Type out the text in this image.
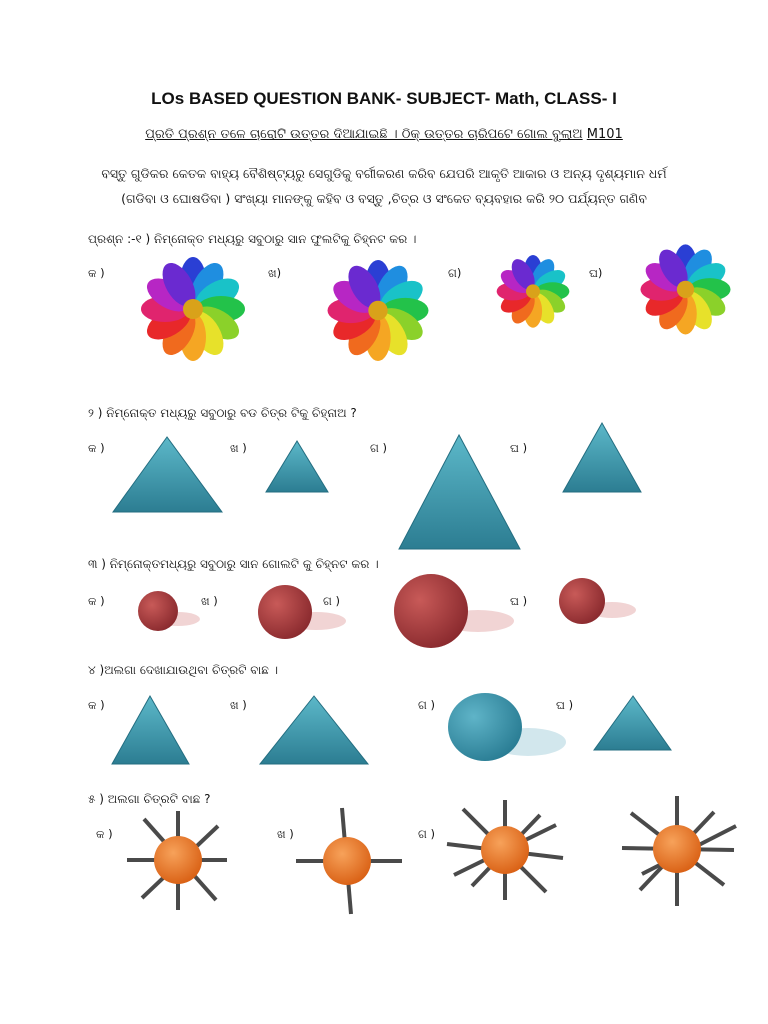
LOs BASED QUESTION BANK- SUBJECT- Math, CLASS- I
ପ୍ରତି ପ୍ରଶ୍ନ ତଳେ ଚାରୋଟି ଉତ୍ତର ଦିଆଯାଇଛି । ଠିକ୍ ଉତ୍ତର ଚାରିପଟେ ଗୋଲ ବୁଲାଅ M101
ବସ୍ତୁ ଗୁଡିକର କେତକ ବାହ୍ୟ ବୈଶିଷ୍ଟ୍ୟରୁ ସେଗୁଡିକୁ ବର୍ଗୀକରଣ କରିବ ଯେପରି ଆକୃତି ଆକାର ଓ ଅନ୍ୟ ଦୃଶ୍ୟମାନ ଧର୍ମ
(ଗଡିବା ଓ ଘୋଷଡିବା ) ସଂଖ୍ୟା ମାନଙ୍କୁ କହିବ ଓ ବସ୍ତୁ ,ଚିତ୍ର ଓ ସଂକେତ ବ୍ୟବହାର କରି ୨୦ ପର୍ଯ୍ୟନ୍ତ ଗଣିବ
ପ୍ରଶ୍ନ :-୧ ) ନିମ୍ନୋକ୍ତ ମଧ୍ୟରୁ ସବୁଠାରୁ ସାନ ଫୁଲଟିକୁ ଚିହ୍ନଟ କର ।
କ )	ଖ)	ଗ)	ଘ)
୨ ) ନିମ୍ନୋକ୍ତ ମଧ୍ୟରୁ ସବୁଠାରୁ ବଡ ଚିତ୍ର ଟିକୁ ଚିହ୍ନାଅ ?
କ )	ଖ )	ଗ )	ଘ )
୩ ) ନିମ୍ନୋକ୍ତମଧ୍ୟରୁ ସବୁଠାରୁ ସାନ ଗୋଲଟି କୁ ଚିହ୍ନଟ କର ।
କ )	ଖ )	ଗ )	ଘ )
୪ )ଅଲଗା ଦେଖାଯାଉଥିବା ଚିତ୍ରଟି ବାଛ ।
କ )	ଖ )	ଗ )	ଘ )
୫ ) ଅଲଗା ଚିତ୍ରଟି ବାଛ ?
କ )	ଖ )	ଗ )
